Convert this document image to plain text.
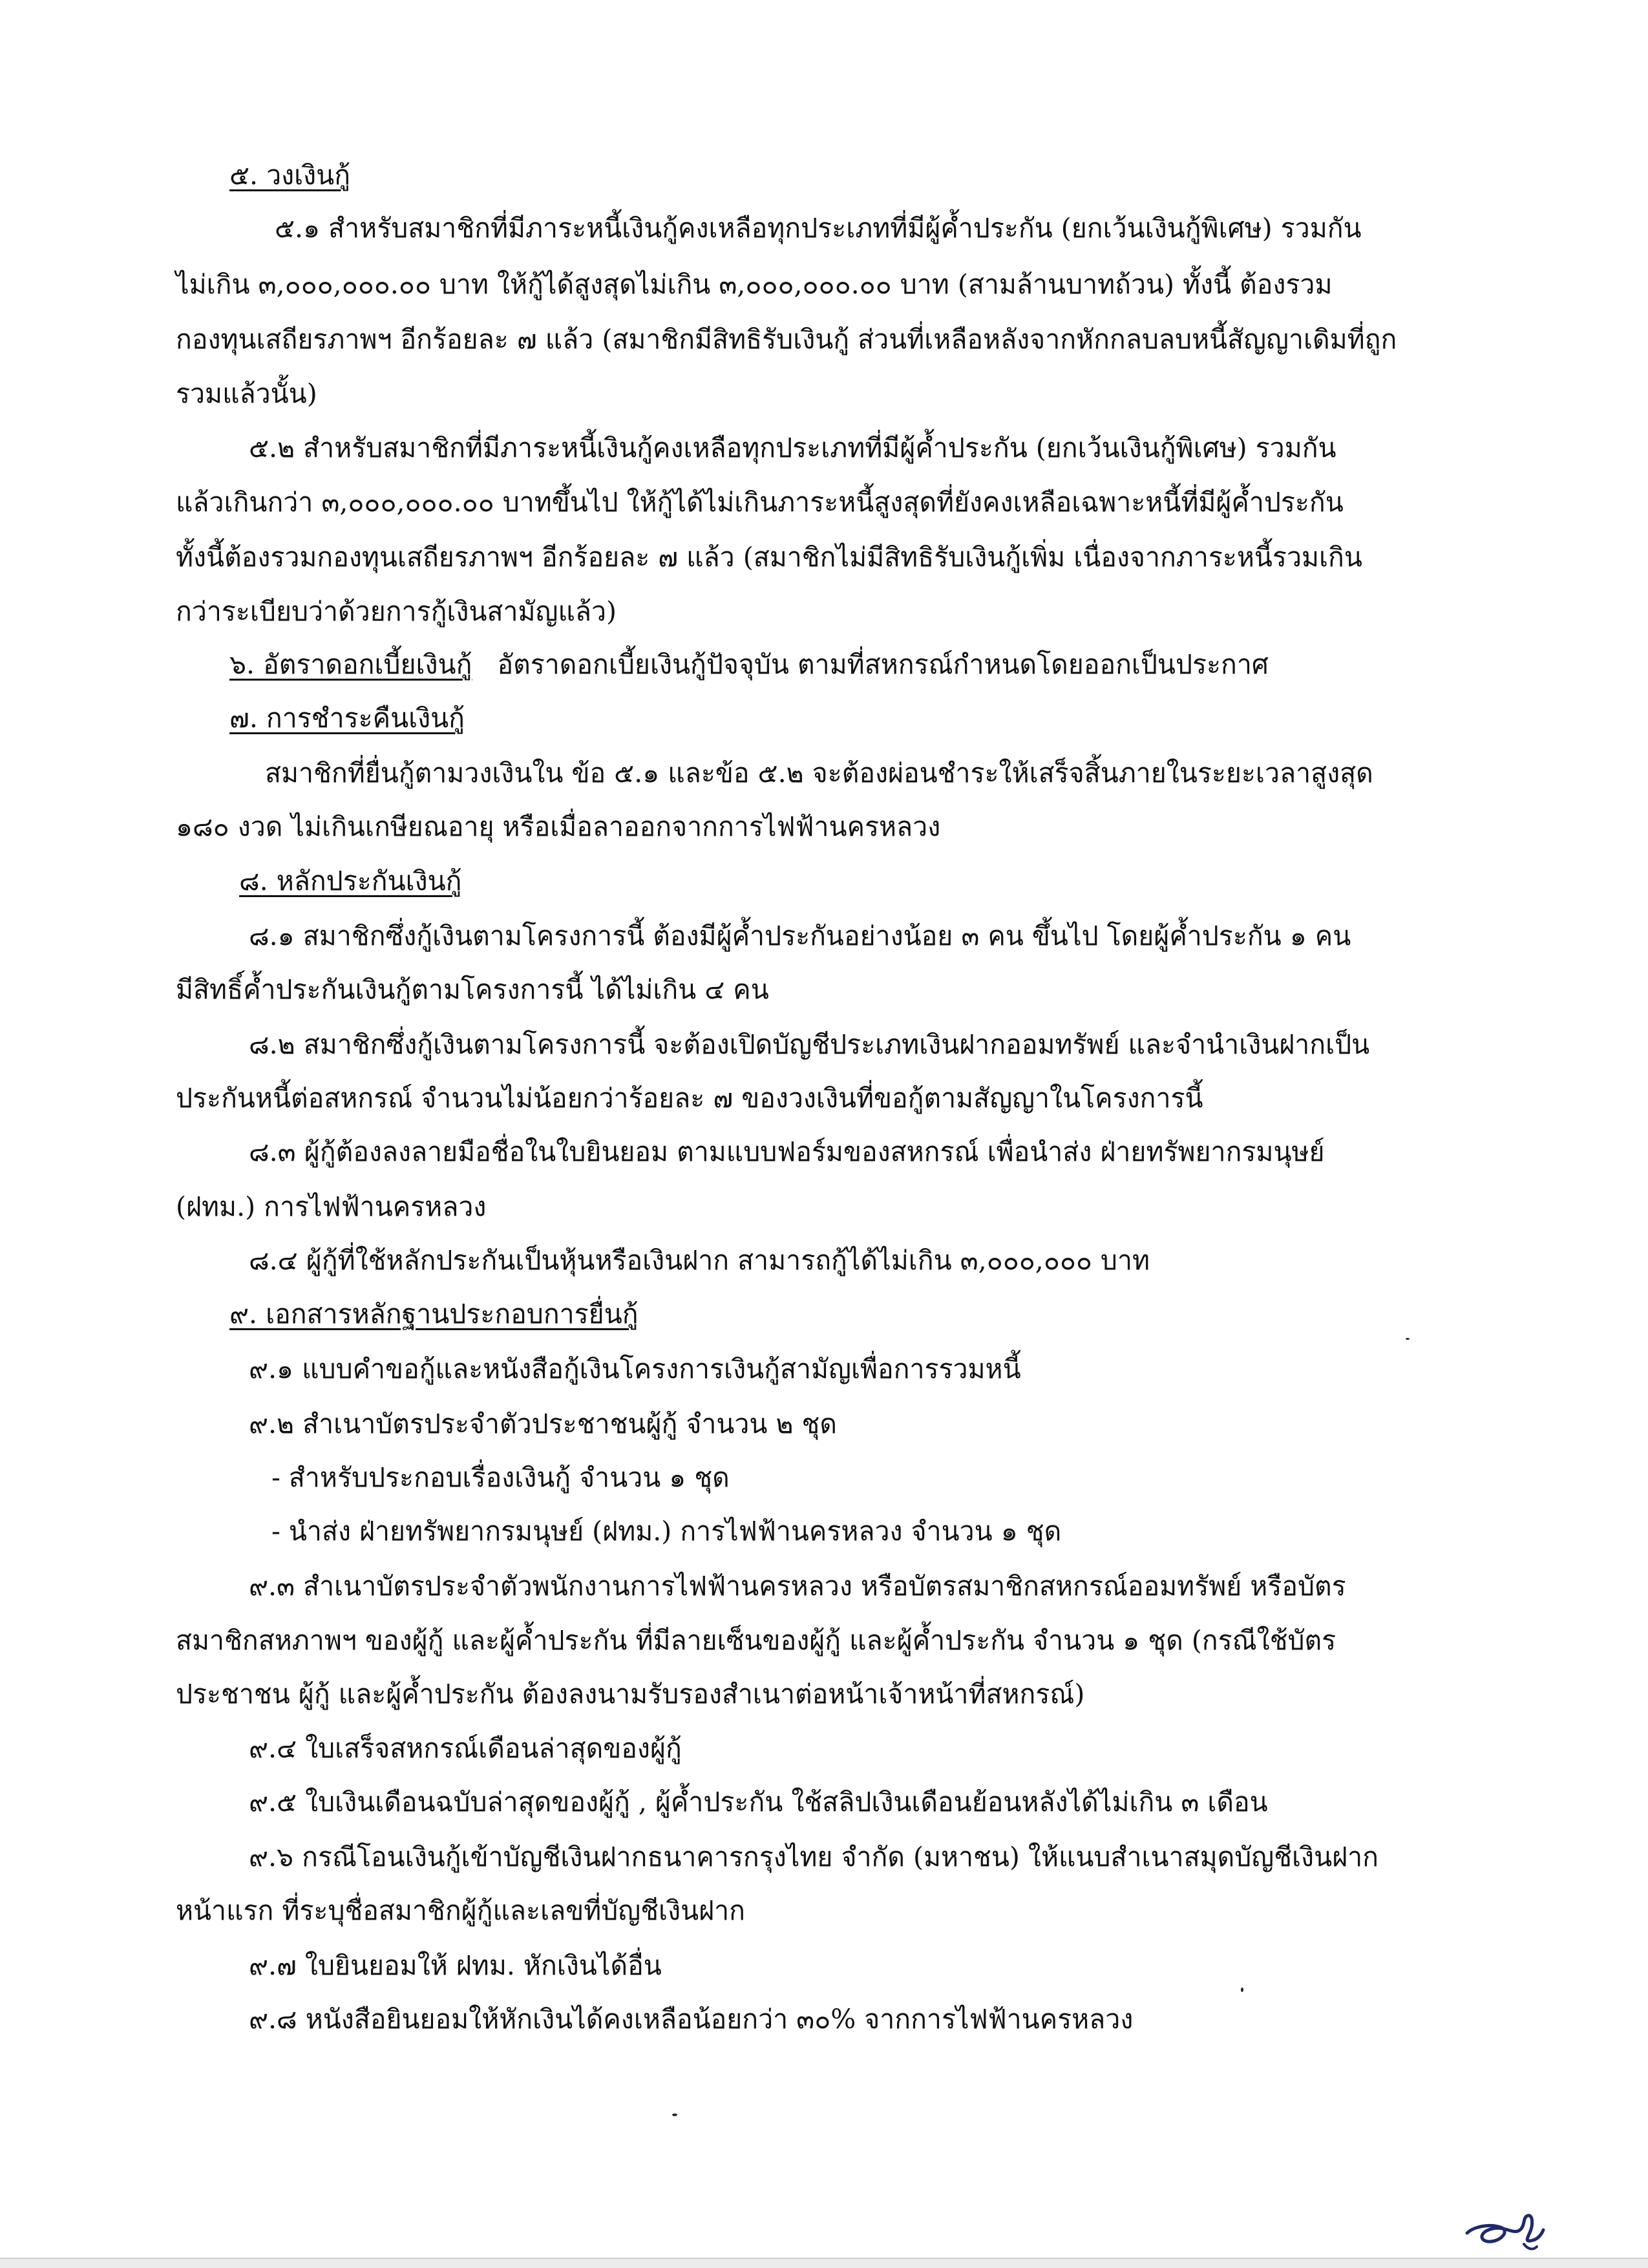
๕. วงเงินกู้
๕.๑ สำหรับสมาชิกที่มีภาระหนี้เงินกู้คงเหลือทุกประเภทที่มีผู้ค้ำประกัน (ยกเว้นเงินกู้พิเศษ) รวมกัน
ไม่เกิน ๓,๐๐๐,๐๐๐.๐๐ บาท ให้กู้ได้สูงสุดไม่เกิน ๓,๐๐๐,๐๐๐.๐๐ บาท (สามล้านบาทถ้วน) ทั้งนี้ ต้องรวม
กองทุนเสถียรภาพฯ อีกร้อยละ ๗ แล้ว (สมาชิกมีสิทธิรับเงินกู้ ส่วนที่เหลือหลังจากหักกลบลบหนี้สัญญาเดิมที่ถูก
รวมแล้วนั้น)
๕.๒ สำหรับสมาชิกที่มีภาระหนี้เงินกู้คงเหลือทุกประเภทที่มีผู้ค้ำประกัน (ยกเว้นเงินกู้พิเศษ) รวมกัน
แล้วเกินกว่า ๓,๐๐๐,๐๐๐.๐๐ บาทขึ้นไป ให้กู้ได้ไม่เกินภาระหนี้สูงสุดที่ยังคงเหลือเฉพาะหนี้ที่มีผู้ค้ำประกัน
ทั้งนี้ต้องรวมกองทุนเสถียรภาพฯ อีกร้อยละ ๗ แล้ว (สมาชิกไม่มีสิทธิรับเงินกู้เพิ่ม เนื่องจากภาระหนี้รวมเกิน
กว่าระเบียบว่าด้วยการกู้เงินสามัญแล้ว)
๖. อัตราดอกเบี้ยเงินกู้ อัตราดอกเบี้ยเงินกู้ปัจจุบัน ตามที่สหกรณ์กำหนดโดยออกเป็นประกาศ
๗. การชำระคืนเงินกู้
สมาชิกที่ยื่นกู้ตามวงเงินใน ข้อ ๕.๑ และข้อ ๕.๒ จะต้องผ่อนชำระให้เสร็จสิ้นภายในระยะเวลาสูงสุด
๑๘๐ งวด ไม่เกินเกษียณอายุ หรือเมื่อลาออกจากการไฟฟ้านครหลวง
๘. หลักประกันเงินกู้
๘.๑ สมาชิกซึ่งกู้เงินตามโครงการนี้ ต้องมีผู้ค้ำประกันอย่างน้อย ๓ คน ขึ้นไป โดยผู้ค้ำประกัน ๑ คน
มีสิทธิ์ค้ำประกันเงินกู้ตามโครงการนี้ ได้ไม่เกิน ๔ คน
๘.๒ สมาชิกซึ่งกู้เงินตามโครงการนี้ จะต้องเปิดบัญชีประเภทเงินฝากออมทรัพย์ และจำนำเงินฝากเป็น
ประกันหนี้ต่อสหกรณ์ จำนวนไม่น้อยกว่าร้อยละ ๗ ของวงเงินที่ขอกู้ตามสัญญาในโครงการนี้
๘.๓ ผู้กู้ต้องลงลายมือชื่อในใบยินยอม ตามแบบฟอร์มของสหกรณ์ เพื่อนำส่ง ฝ่ายทรัพยากรมนุษย์
(ฝทม.) การไฟฟ้านครหลวง
๘.๔ ผู้กู้ที่ใช้หลักประกันเป็นหุ้นหรือเงินฝาก สามารถกู้ได้ไม่เกิน ๓,๐๐๐,๐๐๐ บาท
๙. เอกสารหลักฐานประกอบการยื่นกู้
๙.๑ แบบคำขอกู้และหนังสือกู้เงินโครงการเงินกู้สามัญเพื่อการรวมหนี้
๙.๒ สำเนาบัตรประจำตัวประชาชนผู้กู้ จำนวน ๒ ชุด
- สำหรับประกอบเรื่องเงินกู้ จำนวน ๑ ชุด
- นำส่ง ฝ่ายทรัพยากรมนุษย์ (ฝทม.) การไฟฟ้านครหลวง จำนวน ๑ ชุด
๙.๓ สำเนาบัตรประจำตัวพนักงานการไฟฟ้านครหลวง หรือบัตรสมาชิกสหกรณ์ออมทรัพย์ หรือบัตร
สมาชิกสหภาพฯ ของผู้กู้ และผู้ค้ำประกัน ที่มีลายเซ็นของผู้กู้ และผู้ค้ำประกัน จำนวน ๑ ชุด (กรณีใช้บัตร
ประชาชน ผู้กู้ และผู้ค้ำประกัน ต้องลงนามรับรองสำเนาต่อหน้าเจ้าหน้าที่สหกรณ์)
๙.๔ ใบเสร็จสหกรณ์เดือนล่าสุดของผู้กู้
๙.๕ ใบเงินเดือนฉบับล่าสุดของผู้กู้ , ผู้ค้ำประกัน ใช้สลิปเงินเดือนย้อนหลังได้ไม่เกิน ๓ เดือน
๙.๖ กรณีโอนเงินกู้เข้าบัญชีเงินฝากธนาคารกรุงไทย จำกัด (มหาชน) ให้แนบสำเนาสมุดบัญชีเงินฝาก
หน้าแรก ที่ระบุชื่อสมาชิกผู้กู้และเลขที่บัญชีเงินฝาก
๙.๗ ใบยินยอมให้ ฝทม. หักเงินได้อื่น
๙.๘ หนังสือยินยอมให้หักเงินได้คงเหลือน้อยกว่า ๓๐% จากการไฟฟ้านครหลวง
